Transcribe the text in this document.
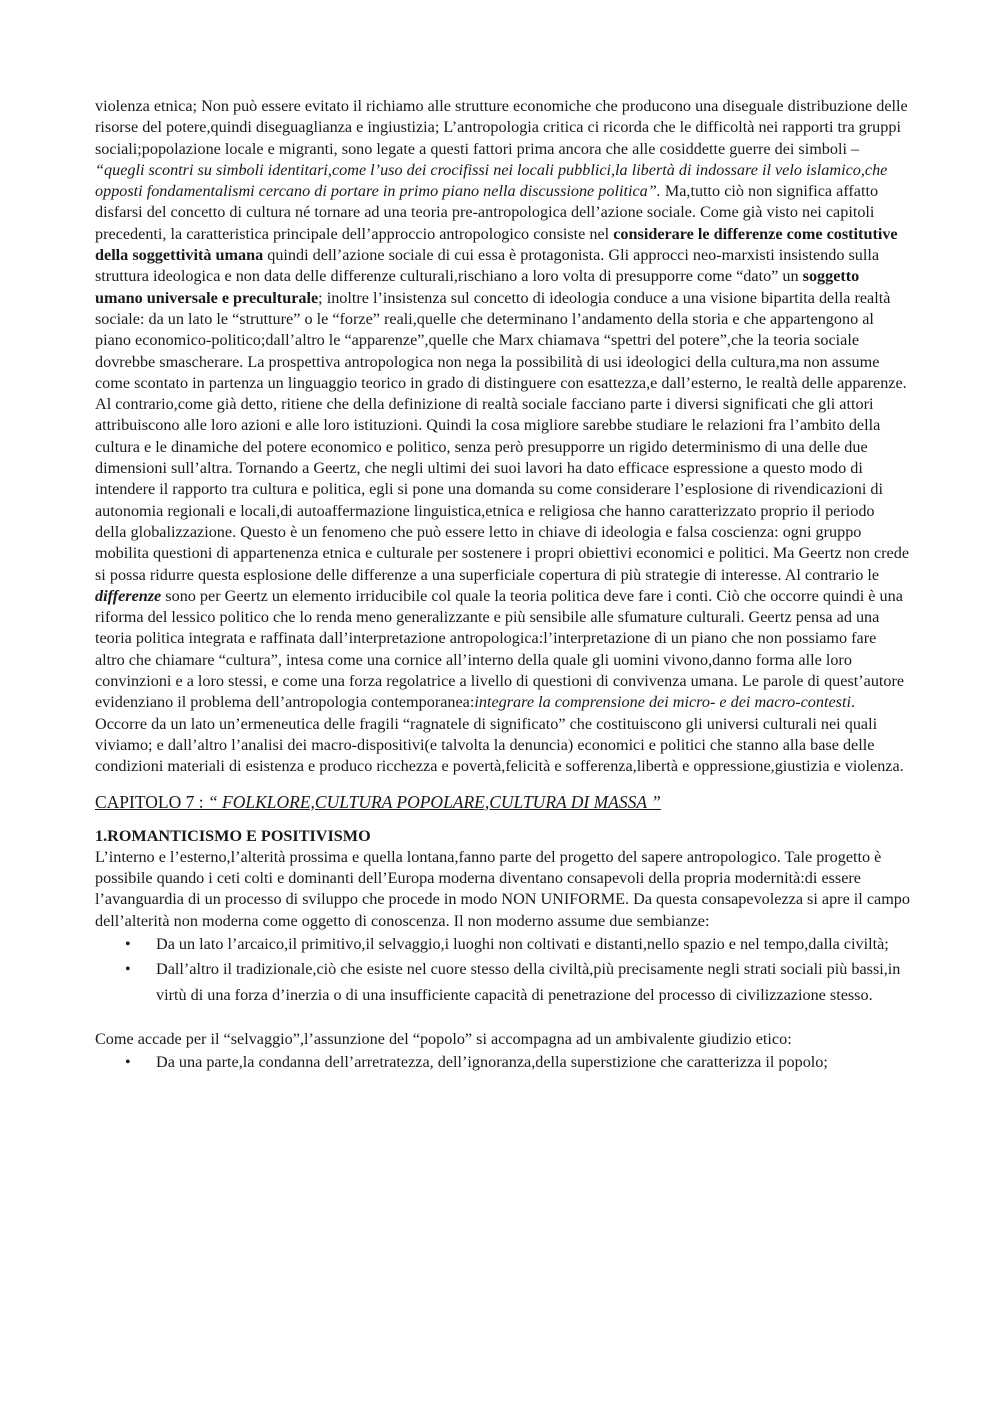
violenza etnica; Non può essere evitato il richiamo alle strutture economiche che producono una diseguale distribuzione delle risorse del potere,quindi diseguaglianza e ingiustizia; L’antropologia critica ci ricorda che le difficoltà nei rapporti tra gruppi sociali;popolazione locale e migranti, sono legate a questi fattori prima ancora che alle cosiddette guerre dei simboli – “quegli scontri su simboli identitari,come l’uso dei crocifissi nei locali pubblici,la libertà di indossare il velo islamico,che opposti fondamentalismi cercano di portare in primo piano nella discussione politica”. Ma,tutto ciò non significa affatto disfarsi del concetto di cultura né tornare ad una teoria pre-antropologica dell’azione sociale. Come già visto nei capitoli precedenti, la caratteristica principale dell’approccio antropologico consiste nel considerare le differenze come costitutive della soggettività umana quindi dell’azione sociale di cui essa è protagonista. Gli approcci neo-marxisti insistendo sulla struttura ideologica e non data delle differenze culturali,rischiano a loro volta di presupporre come “dato” un soggetto umano universale e preculturale; inoltre l’insistenza sul concetto di ideologia conduce a una visione bipartita della realtà sociale: da un lato le “strutture” o le “forze” reali,quelle che determinano l’andamento della storia e che appartengono al piano economico-politico;dall’altro le “apparenze”,quelle che Marx chiamava “spettri del potere”,che la teoria sociale dovrebbe smascherare. La prospettiva antropologica non nega la possibilità di usi ideologici della cultura,ma non assume come scontato in partenza un linguaggio teorico in grado di distinguere con esattezza,e dall’esterno, le realtà delle apparenze. Al contrario,come già detto, ritiene che della definizione di realtà sociale facciano parte i diversi significati che gli attori attribuiscono alle loro azioni e alle loro istituzioni. Quindi la cosa migliore sarebbe studiare le relazioni fra l’ambito della cultura e le dinamiche del potere economico e politico, senza però presupporre un rigido determinismo di una delle due dimensioni sull’altra. Tornando a Geertz, che negli ultimi dei suoi lavori ha dato efficace espressione a questo modo di intendere il rapporto tra cultura e politica, egli si pone una domanda su come considerare l’esplosione di rivendicazioni di autonomia regionali e locali,di autoaffermazione linguistica,etnica e religiosa che hanno caratterizzato proprio il periodo della globalizzazione. Questo è un fenomeno che può essere letto in chiave di ideologia e falsa coscienza: ogni gruppo mobilita questioni di appartenenza etnica e culturale per sostenere i propri obiettivi economici e politici. Ma Geertz non crede si possa ridurre questa esplosione delle differenze a una superficiale copertura di più strategie di interesse. Al contrario le differenze sono per Geertz un elemento irriducibile col quale la teoria politica deve fare i conti. Ciò che occorre quindi è una riforma del lessico politico che lo renda meno generalizzante e più sensibile alle sfumature culturali. Geertz pensa ad una teoria politica integrata e raffinata dall’interpretazione antropologica:l’interpretazione di un piano che non possiamo fare altro che chiamare “cultura”, intesa come una cornice all’interno della quale gli uomini vivono,danno forma alle loro convinzioni e a loro stessi, e come una forza regolatrice a livello di questioni di convivenza umana. Le parole di quest’autore evidenziano il problema dell’antropologia contemporanea:integrare la comprensione dei micro- e dei macro-contesti. Occorre da un lato un’ermeneutica delle fragili “ragnatele di significato” che costituiscono gli universi culturali nei quali viviamo; e dall’altro l’analisi dei macro-dispositivi(e talvolta la denuncia) economici e politici che stanno alla base delle condizioni materiali di esistenza e produco ricchezza e povertà,felicità e sofferenza,libertà e oppressione,giustizia e violenza.

CAPITOLO 7 : “ FOLKLORE,CULTURA POPOLARE,CULTURA DI MASSA ”

1.ROMANTICISMO E POSITIVISMO

L’interno e l’esterno,l’alterità prossima e quella lontana,fanno parte del progetto del sapere antropologico. Tale progetto è possibile quando i ceti colti e dominanti dell’Europa moderna diventano consapevoli della propria modernità:di essere l’avanguardia di un processo di sviluppo che procede in modo NON UNIFORME. Da questa consapevolezza si apre il campo dell’alterità non moderna come oggetto di conoscenza. Il non moderno assume due sembianze:

• Da un lato l’arcaico,il primitivo,il selvaggio,i luoghi non coltivati e distanti,nello spazio e nel tempo,dalla civiltà;
• Dall’altro il tradizionale,ciò che esiste nel cuore stesso della civiltà,più precisamente negli strati sociali più bassi,in virtù di una forza d’inerzia o di una insufficiente capacità di penetrazione del processo di civilizzazione stesso.

Come accade per il “selvaggio”,l’assunzione del “popolo” si accompagna ad un ambivalente giudizio etico:

• Da una parte,la condanna dell’arretratezza, dell’ignoranza,della superstizione che caratterizza il popolo;
